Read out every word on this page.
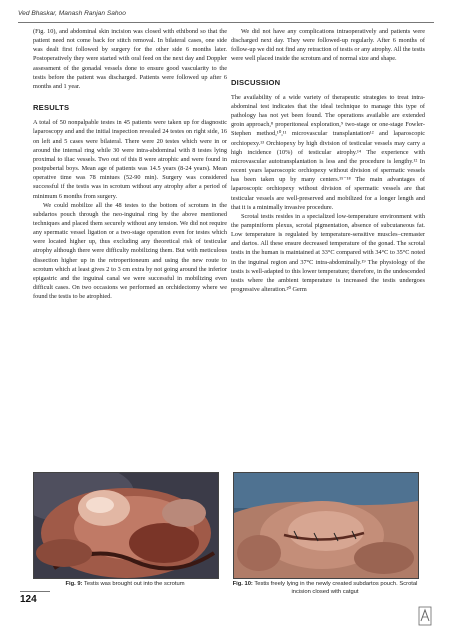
Ved Bhaskar, Manash Ranjan Sahoo

(Fig. 10), and abdominal skin incision was closed with ethibond so that the patient need not come back for stitch removal. In bilateral cases, one side was dealt first followed by surgery for the other side 6 months later. Postoperatively they were started with oral feed on the next day and Doppler assessment of the gonadal vessels done to ensure good vascularity to the testis before the patient was discharged. Patients were followed up after 6 months and 1 year.

RESULTS

A total of 50 nonpalpable testes in 45 patients were taken up for diagnostic laparoscopy and and the initial inspection revealed 24 testes on right side, 16 on left and 5 cases were bilateral. There were 20 testes which were in or around the internal ring while 30 were intra-abdominal with 8 testes lying proximal to iliac vessels. Two out of this 8 were atrophic and were found in postpubertal boys. Mean age of patients was 14.5 years (8-24 years). Mean operative time was 78 mintues (52-90 min). Surgery was considered successful if the testis was in scrotum without any atrophy after a period of minimum 6 months from surgery.

We could mobilize all the 48 testes to the bottom of scrotum in the subdartos pouch through the neo-inguinal ring by the above mentioned techniques and placed them securely without any tension. We did not require any spermatic vessel ligation or a two-stage operation even for testes which were located higher up, thus excluding any theoretical risk of testicular atrophy although there were difficulty mobilizing them. But with meticulous dissection higher up in the retroperitoneum and using the new route to scrotum which at least gives 2 to 3 cm extra by not going around the inferior epigastric and the inguinal canal we were successful in mobilizing even difficult cases. On two occasions we performed an orchidectomy where we found the testis to be atrophied.

We did not have any complications intraoperatively and patients were discharged next day. They were followed-up regularly. After 6 months of follow-up we did not find any retraction of testis or any atrophy. All the testis were well placed inside the scrotum and of normal size and shape.

DISCUSSION

The availability of a wide variety of therapeutic strategies to treat intra-abdominal test indicates that the ideal technique to manage this type of pathology has not yet been found. The operations available are extended groin approach,⁸ properitoneal exploration,⁹ two-stage or one-stage Fowler-Stephen method,¹⁰,¹¹ microvascular transplantation¹² and laparoscopic orchiopexy.¹³ Orchiopexy by high division of testicular vessels may carry a high incidence (10%) of testicular atrophy.¹⁴ The experience with microvascular autotransplantation is less and the procedure is lengthy.¹² In recent years laparoscopic orchiopexy without division of spermatic vessels has been taken up by many centers.¹⁵⁻¹⁸ The main advantages of laparoscopic orchiopexy without division of spermatic vessels are that testicular vessels are well-preserved and mobilized for a longer length and that it is a minimally invasive procedure.

Scrotal testis resides in a specialized low-temperature environment with the pampiniform plexus, scrotal pigmentation, absence of subcutaneous fat. Low temperature is regulated by temperature-sensitive muscles–cremaster and dartos. All these ensure decreased temperature of the gonad. The scrotal testis in the human is maintained at 33°C compared with 34°C to 35°C noted in the inguinal region and 37°C intra-abdominally.¹⁹ The physiology of the testis is well-adapted to this lower temperature; therefore, in the undescended testis where the ambient temperature is increased the testis undergoes progressive alteration.²⁰ Germ

Fig. 9: Testis was brought out into the scrotum	Fig. 10: Testis freely lying in the newly created subdartos pouch. Scrotal incision closed with catgut
124
